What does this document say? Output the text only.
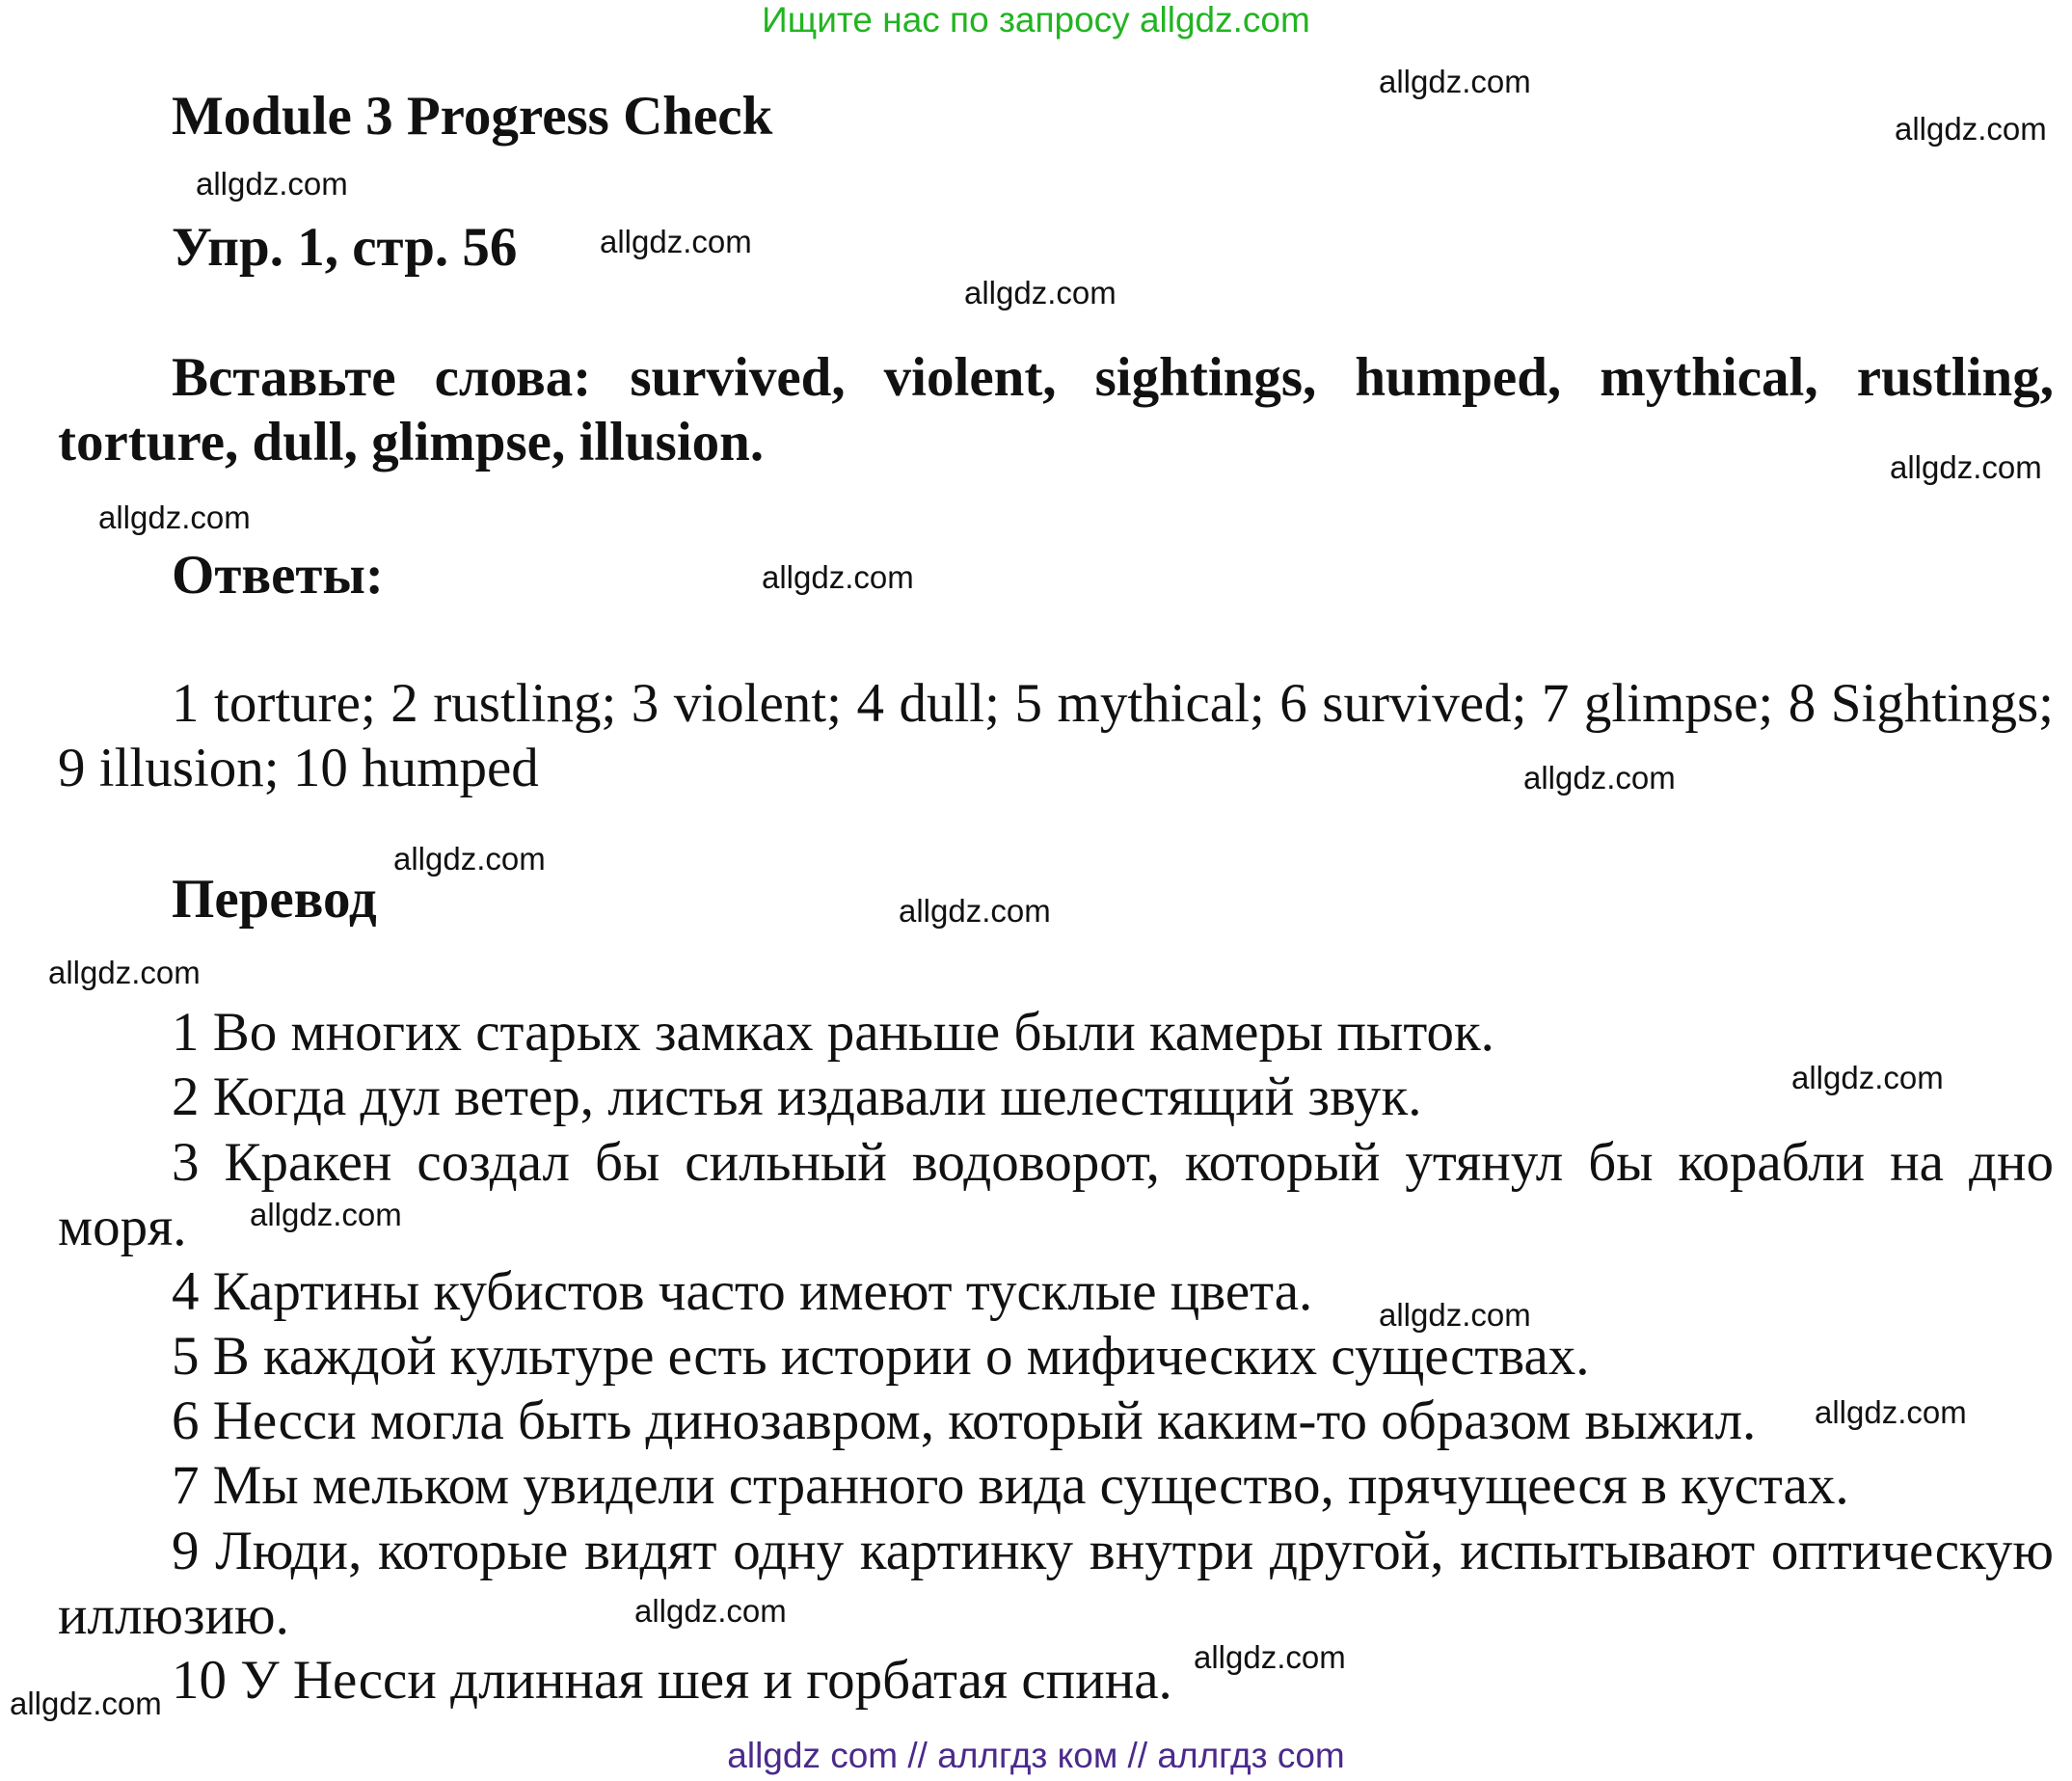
Ищите нас по запросу allgdz.com
Module 3 Progress Check
Упр. 1, стр. 56
Вставьте слова: survived, violent, sightings, humped, mythical, rustling, torture, dull, glimpse, illusion.
Ответы:
1 torture; 2 rustling; 3 violent; 4 dull; 5 mythical; 6 survived; 7 glimpse; 8 Sightings; 9 illusion; 10 humped
Перевод
1 Во многих старых замках раньше были камеры пыток.
2 Когда дул ветер, листья издавали шелестящий звук.
3 Кракен создал бы сильный водоворот, который утянул бы корабли на дно моря.
4 Картины кубистов часто имеют тусклые цвета.
5 В каждой культуре есть истории о мифических существах.
6 Несси могла быть динозавром, который каким-то образом выжил.
7 Мы мельком увидели странного вида существо, прячущееся в кустах.
9 Люди, которые видят одну картинку внутри другой, испытывают оптическую иллюзию.
10 У Несси длинная шея и горбатая спина.
allgdz.com
allgdz.com
allgdz.com
allgdz.com
allgdz.com
allgdz.com
allgdz.com
allgdz.com
allgdz.com
allgdz.com
allgdz.com
allgdz.com
allgdz.com
allgdz.com
allgdz.com
allgdz.com
allgdz.com
allgdz.com
allgdz.com
allgdz com // аллгдз ком // аллгдз com
